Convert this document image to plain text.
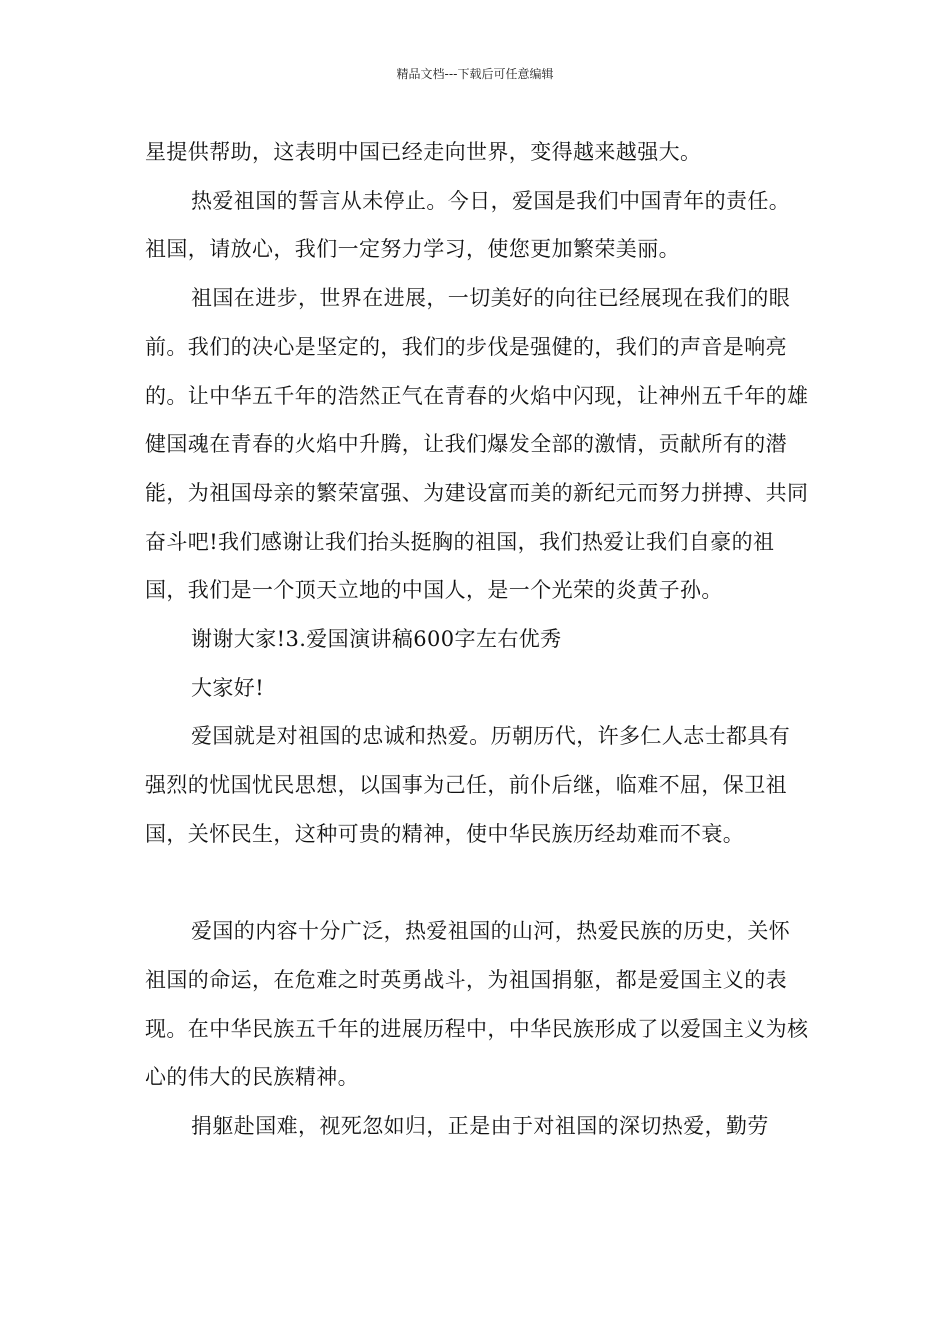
精品文档---下载后可任意编辑

星提供帮助，这表明中国已经走向世界，变得越来越强大。

热爱祖国的誓言从未停止。今日，爱国是我们中国青年的责任。祖国，请放心，我们一定努力学习，使您更加繁荣美丽。

祖国在进步，世界在进展，一切美好的向往已经展现在我们的眼前。我们的决心是坚定的，我们的步伐是强健的，我们的声音是响亮的。让中华五千年的浩然正气在青春的火焰中闪现，让神州五千年的雄健国魂在青春的火焰中升腾，让我们爆发全部的激情，贡献所有的潜能，为祖国母亲的繁荣富强、为建设富而美的新纪元而努力拼搏、共同奋斗吧!我们感谢让我们抬头挺胸的祖国，我们热爱让我们自豪的祖国，我们是一个顶天立地的中国人，是一个光荣的炎黄子孙。

谢谢大家!3.爱国演讲稿600字左右优秀

大家好!

爱国就是对祖国的忠诚和热爱。历朝历代，许多仁人志士都具有强烈的忧国忧民思想，以国事为己任，前仆后继，临难不屈，保卫祖国，关怀民生，这种可贵的精神，使中华民族历经劫难而不衰。

爱国的内容十分广泛，热爱祖国的山河，热爱民族的历史，关怀祖国的命运，在危难之时英勇战斗，为祖国捐躯，都是爱国主义的表现。在中华民族五千年的进展历程中，中华民族形成了以爱国主义为核心的伟大的民族精神。

捐躯赴国难，视死忽如归，正是由于对祖国的深切热爱，勤劳
